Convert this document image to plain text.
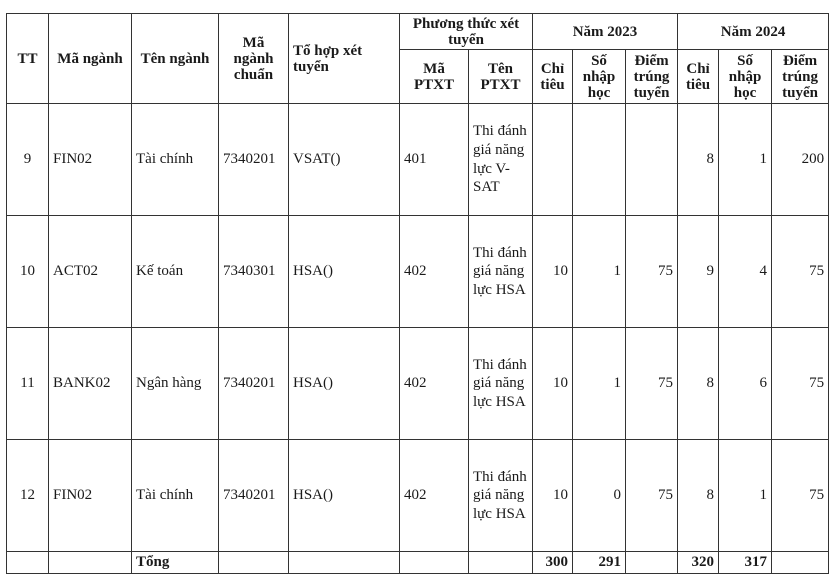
TT	Mã ngành	Tên ngành	Mã ngành chuẩn	Tổ hợp xét tuyển	Phương thức xét tuyển		Năm 2023			Năm 2024		
					Mã PTXT	Tên PTXT	Chỉ tiêu	Số nhập học	Điểm trúng tuyển	Chỉ tiêu	Số nhập học	Điểm trúng tuyển
9	FIN02	Tài chính	7340201	VSAT()	401	Thi đánh giá năng lực V-SAT				8	1	200
10	ACT02	Kế toán	7340301	HSA()	402	Thi đánh giá năng lực HSA	10	1	75	9	4	75
11	BANK02	Ngân hàng	7340201	HSA()	402	Thi đánh giá năng lực HSA	10	1	75	8	6	75
12	FIN02	Tài chính	7340201	HSA()	402	Thi đánh giá năng lực HSA	10	0	75	8	1	75
		Tổng					300	291		320	317	
